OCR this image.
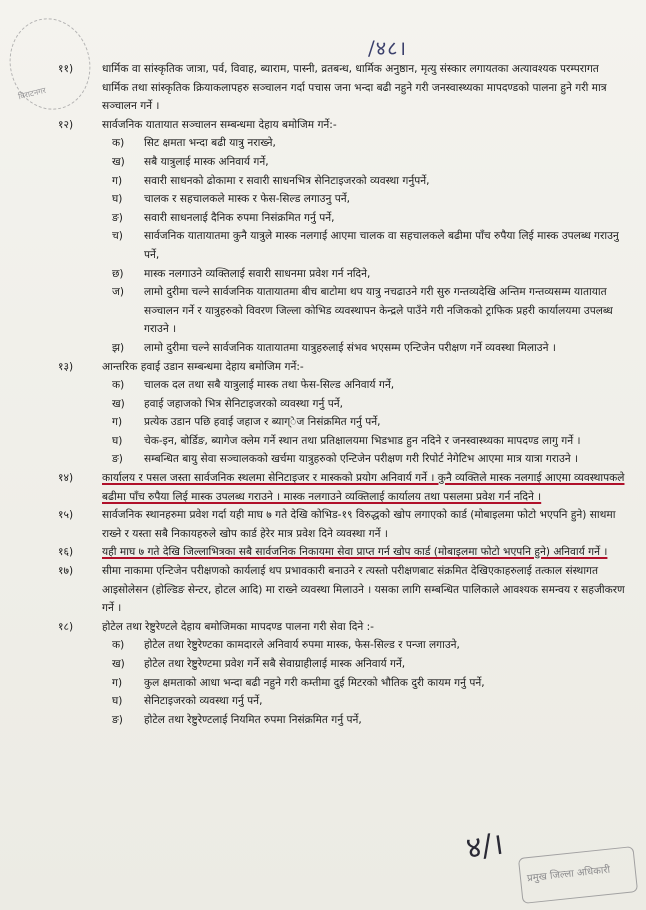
विराटनगर
/४८।
११)	धार्मिक वा सांस्कृतिक जात्रा, पर्व, विवाह, ब्याराम, पास्नी, व्रतबन्ध, धार्मिक अनुष्ठान, मृत्यु संस्कार लगायतका अत्यावश्यक परम्परागत धार्मिक तथा सांस्कृतिक क्रियाकलापहरु सञ्चालन गर्दा पचास जना भन्दा बढी नहुने गरी जनस्वास्थ्यका मापदण्डको पालना हुने गरी मात्र सञ्चालन गर्ने ।

१२)	सार्वजनिक यातायात सञ्चालन सम्बन्धमा देहाय बमोजिम गर्ने:-

क) सिट क्षमता भन्दा बढी यात्रु नराख्ने,

ख) सबै यात्रुलाई मास्क अनिवार्य गर्ने,

ग) सवारी साधनको ढोकामा र सवारी साधनभित्र सेनिटाइजरको व्यवस्था गर्नुपर्ने,

घ) चालक र सहचालकले मास्क र फेस-सिल्ड लगाउनु पर्ने,

ङ) सवारी साधनलाई दैनिक रुपमा निसंक्रमित गर्नु पर्ने,

च) सार्वजनिक यातायातमा कुनै यात्रुले मास्क नलगाई आएमा चालक वा सहचालकले बढीमा पाँच रुपैया लिई मास्क उपलब्ध गराउनु पर्ने,

छ) मास्क नलगाउने व्यक्तिलाई सवारी साधनमा प्रवेश गर्न नदिने,

ज) लामो दुरीमा चल्ने सार्वजनिक यातायातमा बीच बाटोमा थप यात्रु नचढाउने गरी सुरु गन्तव्यदेखि अन्तिम गन्तव्यसम्म यातायात सञ्चालन गर्ने र यात्रुहरुको विवरण जिल्ला कोभिड व्यवस्थापन केन्द्रले पाउँने गरी नजिकको ट्राफिक प्रहरी कार्यालयमा उपलब्ध गराउने ।

झ) लामो दुरीमा चल्ने सार्वजनिक यातायातमा यात्रुहरुलाई संभव भएसम्म एन्टिजेन परीक्षण गर्ने व्यवस्था मिलाउने ।

१३)	आन्तरिक हवाई उडान सम्बन्धमा देहाय बमोजिम गर्ने:-

क) चालक दल तथा सबै यात्रुलाई मास्क तथा फेस-सिल्ड अनिवार्य गर्ने,

ख) हवाई जहाजको भित्र सेनिटाइजरको व्यवस्था गर्नु पर्ने,

ग) प्रत्येक उडान पछि हवाई जहाज र ब्याग्ेज निसंक्रमित गर्नु पर्ने,

घ) चेक-इन, बोर्डिङ, ब्यागेज क्लेम गर्ने स्थान तथा प्रतिक्षालयमा भिडभाड हुन नदिने र जनस्वास्थ्यका मापदण्ड लागु गर्ने ।

ङ) सम्बन्धित बायु सेवा सञ्चालकको खर्चमा यात्रुहरुको एन्टिजेन परीक्षण गरी रिपोर्ट नेगेटिभ आएमा मात्र यात्रा गराउने ।

१४)	कार्यालय र पसल जस्ता सार्वजनिक स्थलमा सेनिटाइजर र मास्कको प्रयोग अनिवार्य गर्ने । कुनै व्यक्तिले मास्क नलगाई आएमा व्यवस्थापकले बढीमा पाँच रुपैया लिई मास्क उपलब्ध गराउने । मास्क नलगाउने व्यक्तिलाई कार्यालय तथा पसलमा प्रवेश गर्न नदिने ।

१५)	सार्वजनिक स्थानहरुमा प्रवेश गर्दा यही माघ ७ गते देखि कोभिड-१९ विरुद्धको खोप लगाएको कार्ड (मोबाइलमा फोटो भएपनि हुने) साथमा राख्ने र यस्ता सबै निकायहरुले खोप कार्ड हेरेर मात्र प्रवेश दिने व्यवस्था गर्ने ।

१६)	यही माघ ७ गते देखि जिल्लाभित्रका सबै सार्वजनिक निकायमा सेवा प्राप्त गर्न खोप कार्ड (मोबाइलमा फोटो भएपनि हुने) अनिवार्य गर्ने ।

१७)	सीमा नाकामा एन्टिजेन परीक्षणको कार्यलाई थप प्रभावकारी बनाउने र त्यस्तो परीक्षणबाट संक्रमित देखिएकाहरुलाई तत्काल संस्थागत आइसोलेसन (होल्डिङ सेन्टर, होटल आदि) मा राख्ने व्यवस्था मिलाउने । यसका लागि सम्बन्धित पालिकाले आवश्यक समन्वय र सहजीकरण गर्ने ।

१८)	होटेल तथा रेष्टुरेण्टले देहाय बमोजिमका मापदण्ड पालना गरी सेवा दिने :-

क) होटेल तथा रेष्टुरेण्टका कामदारले अनिवार्य रुपमा मास्क, फेस-सिल्ड र पन्जा लगाउने,

ख) होटेल तथा रेष्टुरेण्टमा प्रवेश गर्ने सबै सेवाग्राहीलाई मास्क अनिवार्य गर्ने,

ग) कुल क्षमताको आधा भन्दा बढी नहुने गरी कम्तीमा दुई मिटरको भौतिक दुरी कायम गर्नु पर्ने,

घ) सेनिटाइजरको व्यवस्था गर्नु पर्ने,

ङ) होटेल तथा रेष्टुरेण्टलाई नियमित रुपमा निसंक्रमित गर्नु पर्ने,

४/।
प्रमुख जिल्ला अधिकारी
